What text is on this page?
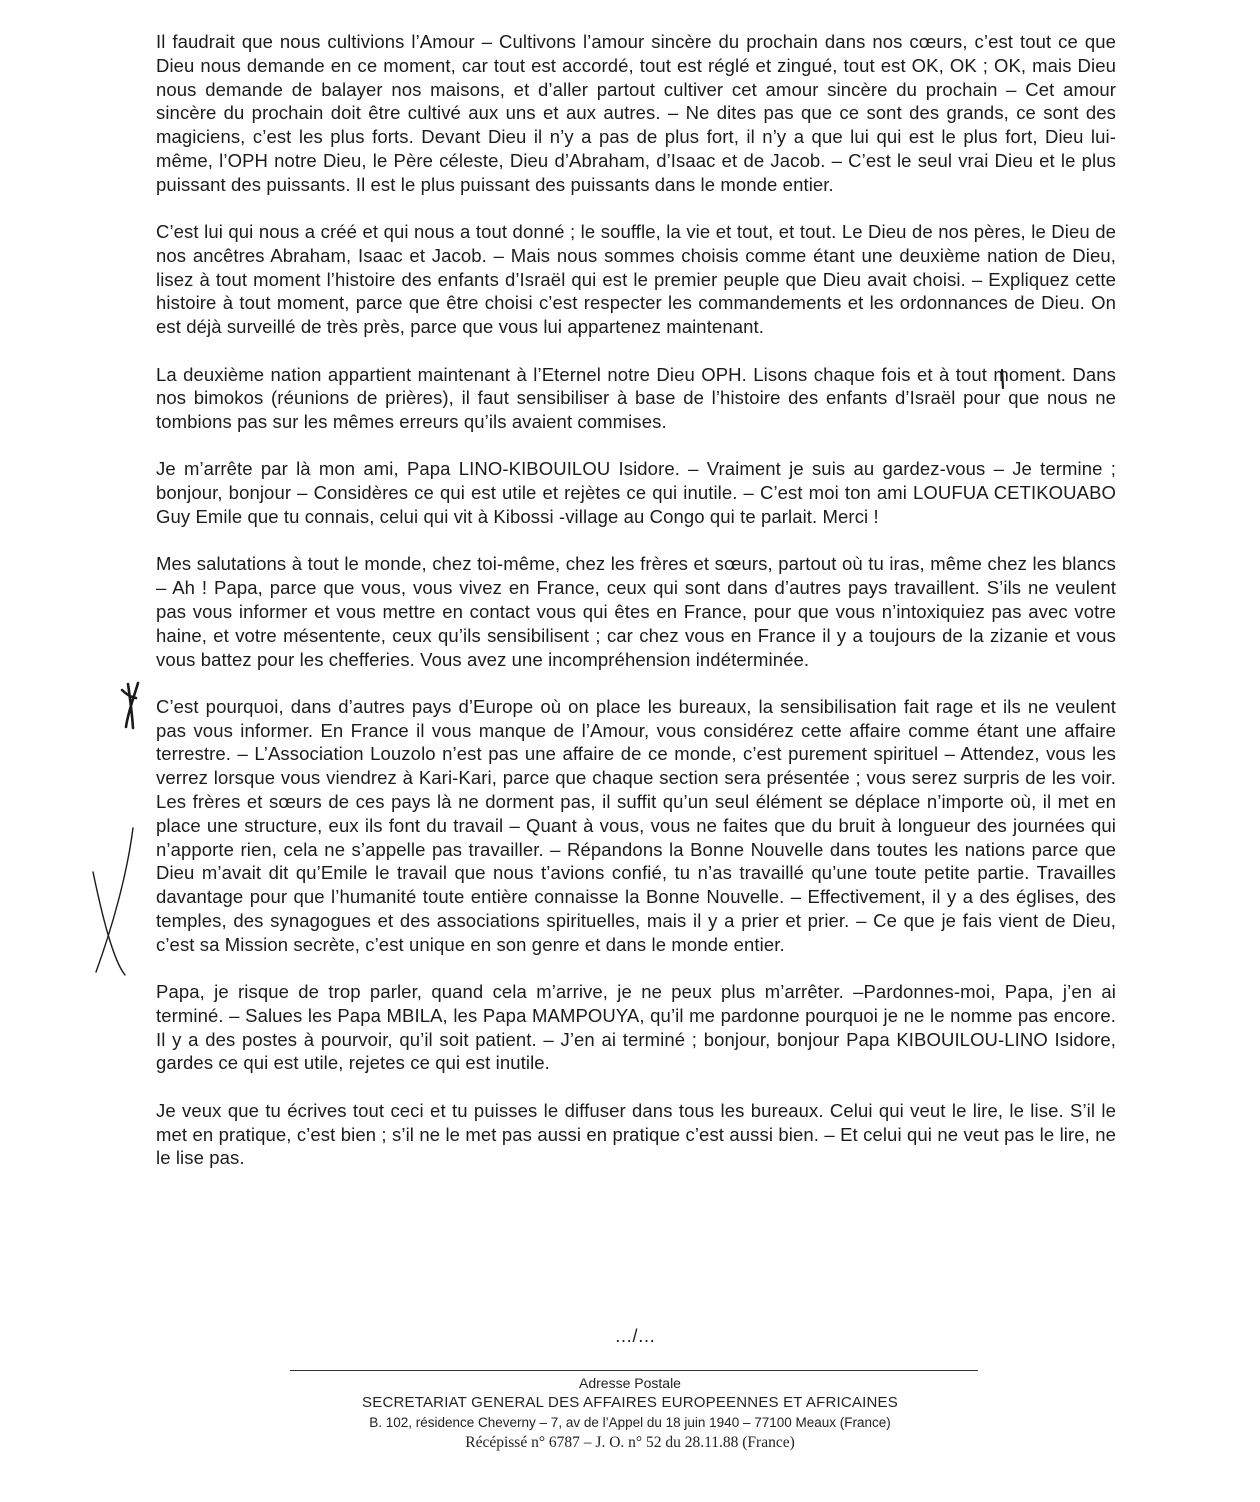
Il faudrait que nous cultivions l’Amour – Cultivons l’amour sincère du prochain dans nos cœurs, c’est tout ce que Dieu nous demande en ce moment, car tout est accordé, tout est réglé et zingué, tout est OK, OK ; OK, mais Dieu nous demande de balayer nos maisons, et d’aller partout cultiver cet amour sincère du prochain – Cet amour sincère du prochain doit être cultivé aux uns et aux autres. – Ne dites pas que ce sont des grands, ce sont des magiciens, c’est les plus forts. Devant Dieu il n’y a pas de plus fort, il n’y a que lui qui est le plus fort, Dieu lui-même, l’OPH notre Dieu, le Père céleste, Dieu d’Abraham, d’Isaac et de Jacob. – C’est le seul vrai Dieu et le plus puissant des puissants. Il est le plus puissant des puissants dans le monde entier.

C’est lui qui nous a créé et qui nous a tout donné ; le souffle, la vie et tout, et tout. Le Dieu de nos pères, le Dieu de nos ancêtres Abraham, Isaac et Jacob. – Mais nous sommes choisis comme étant une deuxième nation de Dieu, lisez à tout moment l’histoire des enfants d’Israël qui est le premier peuple que Dieu avait choisi. – Expliquez cette histoire à tout moment, parce que être choisi c’est respecter les commandements et les ordonnances de Dieu. On est déjà surveillé de très près, parce que vous lui appartenez maintenant.

La deuxième nation appartient maintenant à l’Eternel notre Dieu OPH. Lisons chaque fois et à tout moment. Dans nos bimokos (réunions de prières), il faut sensibiliser à base de l’histoire des enfants d’Israël pour que nous ne tombions pas sur les mêmes erreurs qu’ils avaient commises.

Je m’arrête par là mon ami, Papa LINO-KIBOUILOU Isidore. – Vraiment je suis au gardez-vous – Je termine ; bonjour, bonjour – Considères ce qui est utile et rejètes ce qui inutile. – C’est moi ton ami LOUFUA CETIKOUABO Guy Emile que tu connais, celui qui vit à Kibossi -village au Congo qui te parlait. Merci !

Mes salutations à tout le monde, chez toi-même, chez les frères et sœurs, partout où tu iras, même chez les blancs – Ah ! Papa, parce que vous, vous vivez en France, ceux qui sont dans d’autres pays travaillent. S’ils ne veulent pas vous informer et vous mettre en contact vous qui êtes en France, pour que vous n’intoxiquiez pas avec votre haine, et votre mésentente, ceux qu’ils sensibilisent ; car chez vous en France il y a toujours de la zizanie et vous vous battez pour les chefferies. Vous avez une incompréhension indéterminée.

C’est pourquoi, dans d’autres pays d’Europe où on place les bureaux, la sensibilisation fait rage et ils ne veulent pas vous informer. En France il vous manque de l’Amour, vous considérez cette affaire comme étant une affaire terrestre. – L’Association Louzolo n’est pas une affaire de ce monde, c’est purement spirituel – Attendez, vous les verrez lorsque vous viendrez à Kari-Kari, parce que chaque section sera présentée ; vous serez surpris de les voir. Les frères et sœurs de ces pays là ne dorment pas, il suffit qu’un seul élément se déplace n’importe où, il met en place une structure, eux ils font du travail – Quant à vous, vous ne faites que du bruit à longueur des journées qui n’apporte rien, cela ne s’appelle pas travailler. – Répandons la Bonne Nouvelle dans toutes les nations parce que Dieu m’avait dit qu’Emile le travail que nous t’avions confié, tu n’as travaillé qu’une toute petite partie. Travailles davantage pour que l’humanité toute entière connaisse la Bonne Nouvelle. – Effectivement, il y a des églises, des temples, des synagogues et des associations spirituelles, mais il y a prier et prier. – Ce que je fais vient de Dieu, c’est sa Mission secrète, c’est unique en son genre et dans le monde entier.

Papa, je risque de trop parler, quand cela m’arrive, je ne peux plus m’arrêter. –Pardonnes-moi, Papa, j’en ai terminé. – Salues les Papa MBILA, les Papa MAMPOUYA, qu’il me pardonne pourquoi je ne le nomme pas encore. Il y a des postes à pourvoir, qu’il soit patient. – J’en ai terminé ; bonjour, bonjour Papa KIBOUILOU-LINO Isidore, gardes ce qui est utile, rejetes ce qui est inutile.

Je veux que tu écrives tout ceci et tu puisses le diffuser dans tous les bureaux. Celui qui veut le lire, le lise. S’il le met en pratique, c’est bien ; s’il ne le met pas aussi en pratique c’est aussi bien. – Et celui qui ne veut pas le lire, ne le lise pas.

…/…
Adresse Postale
SECRETARIAT GENERAL DES AFFAIRES EUROPEENNES ET AFRICAINES
B. 102, résidence Cheverny – 7, av de l’Appel du 18 juin 1940 – 77100 Meaux (France)
Récépissé n° 6787 – J. O. n° 52 du 28.11.88 (France)
